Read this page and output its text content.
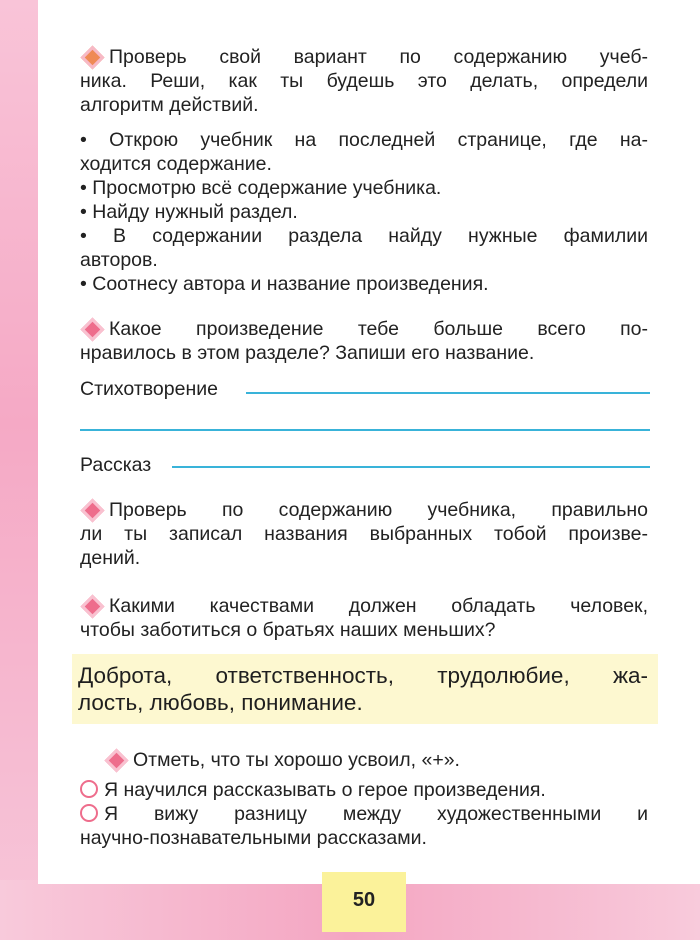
Проверь свой вариант по содержанию учеб-

ника. Реши, как ты будешь это делать, определи

алгоритм действий.

• Открою учебник на последней странице, где на-

ходится содержание.

• Просмотрю всё содержание учебника.

• Найду нужный раздел.

• В содержании раздела найду нужные фамилии

авторов.

• Соотнесу автора и название произведения.

Какое произведение тебе больше всего по-

нравилось в этом разделе? Запиши его название.

Стихотворение

Рассказ

Проверь по содержанию учебника, правильно

ли ты записал названия выбранных тобой произве-

дений.

Какими качествами должен обладать человек,

чтобы заботиться о братьях наших меньших?

Доброта, ответственность, трудолюбие, жа-

лость, любовь, понимание.

Отметь, что ты хорошо усвоил, «+».

Я научился рассказывать о герое произведения.

Я вижу разницу между художественными и

научно-познавательными рассказами.

50
